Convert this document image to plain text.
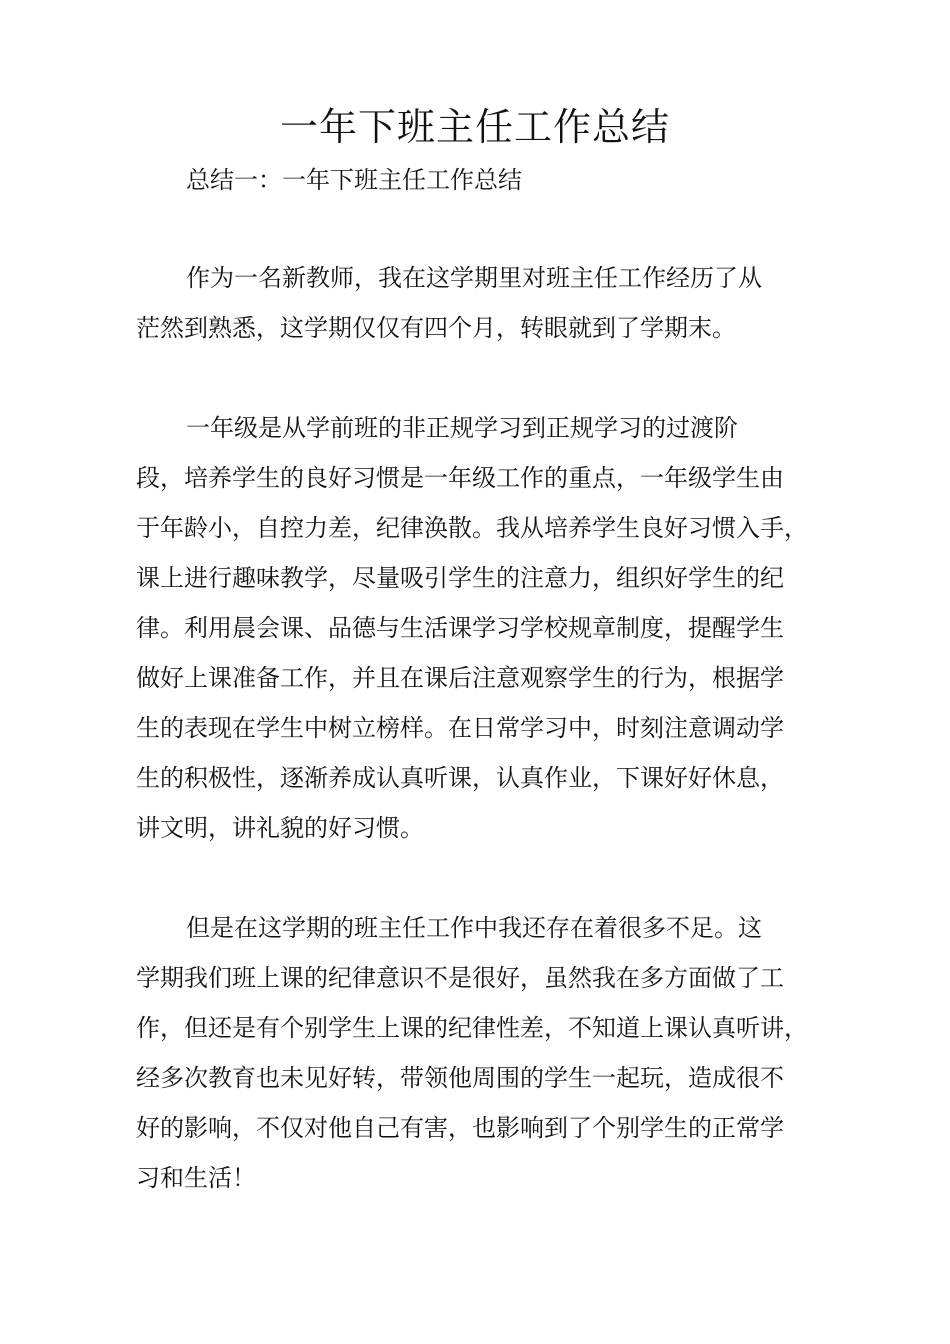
一年下班主任工作总结
总结一：一年下班主任工作总结
作为一名新教师，我在这学期里对班主任工作经历了从
茫然到熟悉，这学期仅仅有四个月，转眼就到了学期末。
一年级是从学前班的非正规学习到正规学习的过渡阶
段，培养学生的良好习惯是一年级工作的重点，一年级学生由
于年龄小，自控力差，纪律涣散。我从培养学生良好习惯入手，
课上进行趣味教学，尽量吸引学生的注意力，组织好学生的纪
律。利用晨会课、品德与生活课学习学校规章制度，提醒学生
做好上课准备工作，并且在课后注意观察学生的行为，根据学
生的表现在学生中树立榜样。在日常学习中，时刻注意调动学
生的积极性，逐渐养成认真听课，认真作业，下课好好休息，
讲文明，讲礼貌的好习惯。
但是在这学期的班主任工作中我还存在着很多不足。这
学期我们班上课的纪律意识不是很好，虽然我在多方面做了工
作，但还是有个别学生上课的纪律性差，不知道上课认真听讲，
经多次教育也未见好转，带领他周围的学生一起玩，造成很不
好的影响，不仅对他自己有害，也影响到了个别学生的正常学
习和生活！
